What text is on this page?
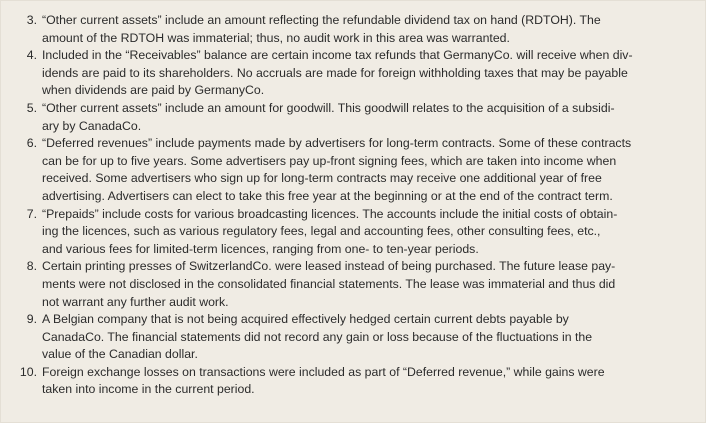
3. “Other current assets” include an amount reflecting the refundable dividend tax on hand (RDTOH). The
amount of the RDTOH was immaterial; thus, no audit work in this area was warranted.
4. Included in the “Receivables” balance are certain income tax refunds that GermanyCo. will receive when div-
idends are paid to its shareholders. No accruals are made for foreign withholding taxes that may be payable
when dividends are paid by GermanyCo.
5. “Other current assets” include an amount for goodwill. This goodwill relates to the acquisition of a subsidi-
ary by CanadaCo.
6. “Deferred revenues” include payments made by advertisers for long-term contracts. Some of these contracts
can be for up to five years. Some advertisers pay up-front signing fees, which are taken into income when
received. Some advertisers who sign up for long-term contracts may receive one additional year of free
advertising. Advertisers can elect to take this free year at the beginning or at the end of the contract term.
7. “Prepaids” include costs for various broadcasting licences. The accounts include the initial costs of obtain-
ing the licences, such as various regulatory fees, legal and accounting fees, other consulting fees, etc.,
and various fees for limited-term licences, ranging from one- to ten-year periods.
8. Certain printing presses of SwitzerlandCo. were leased instead of being purchased. The future lease pay-
ments were not disclosed in the consolidated financial statements. The lease was immaterial and thus did
not warrant any further audit work.
9. A Belgian company that is not being acquired effectively hedged certain current debts payable by
CanadaCo. The financial statements did not record any gain or loss because of the fluctuations in the
value of the Canadian dollar.
10. Foreign exchange losses on transactions were included as part of “Deferred revenue,” while gains were
taken into income in the current period.
